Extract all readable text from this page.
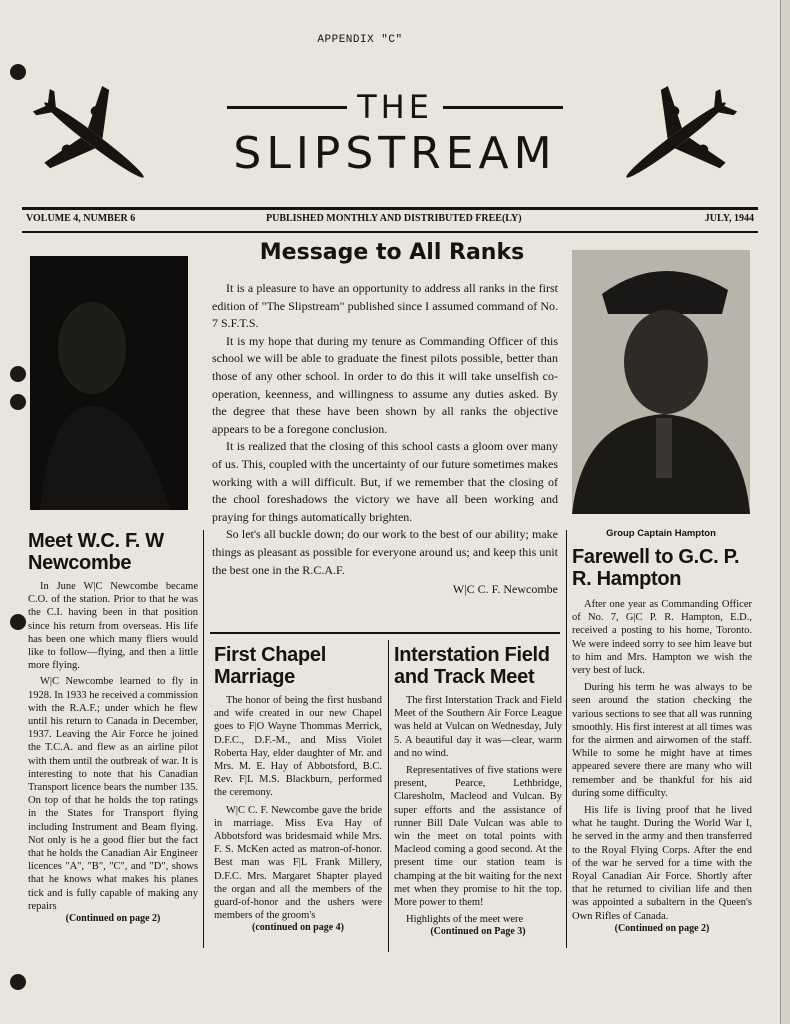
APPENDIX "C"
THE
SLIPSTREAM
VOLUME 4, NUMBER 6	PUBLISHED MONTHLY AND DISTRIBUTED FREE(LY)	JULY, 1944
Meet W.C. F. W Newcombe

In June W|C Newcombe became C.O. of the station. Prior to that he was the C.I. having been in that position since his return from overseas. His life has been one which many fliers would like to follow—flying, and then a little more flying.

W|C Newcombe learned to fly in 1928. In 1933 he received a commission with the R.A.F.; under which he flew until his return to Canada in December, 1937. Leaving the Air Force he joined the T.C.A. and flew as an airline pilot with them until the outbreak of war. It is interesting to note that his Canadian Transport licence bears the number 135. On top of that he holds the top ratings in the States for Transport flying including Instrument and Beam flying. Not only is he a good flier but the fact that he holds the Canadian Air Engineer licences "A", "B", "C", and "D", shows that he knows what makes his planes tick and is fully capable of making any repairs

(Continued on page 2)
Message to All Ranks

It is a pleasure to have an opportunity to address all ranks in the first edition of "The Slipstream" published since I assumed command of No. 7 S.F.T.S.

It is my hope that during my tenure as Commanding Officer of this school we will be able to graduate the finest pilots possible, better than those of any other school. In order to do this it will take unselfish co-operation, keenness, and willingness to assume any duties asked. By the degree that these have been shown by all ranks the objective appears to be a foregone conclusion.

It is realized that the closing of this school casts a gloom over many of us. This, coupled with the uncertainty of our future sometimes makes working with a will difficult. But, if we remember that the closing of the chool foreshadows the victory we have all been working and praying for things automatically brighten.

So let's all buckle down; do our work to the best of our ability; make things as pleasant as possible for everyone around us; and keep this unit the best one in the R.C.A.F.

W|C C. F. Newcombe
First Chapel Marriage

The honor of being the first husband and wife created in our new Chapel goes to F|O Wayne Thommas Merrick, D.F.C., D.F.-M., and Miss Violet Roberta Hay, elder daughter of Mr. and Mrs. M. E. Hay of Abbotsford, B.C. Rev. F|L M.S. Blackburn, performed the ceremony.

W|C C. F. Newcombe gave the bride in marriage. Miss Eva Hay of Abbotsford was bridesmaid while Mrs. F. S. McKen acted as matron-of-honor. Best man was F|L Frank Millery, D.F.C. Mrs. Margaret Shapter played the organ and all the members of the guard-of-honor and the ushers were members of the groom's

(continued on page 4)
Interstation Field and Track Meet

The first Interstation Track and Field Meet of the Southern Air Force League was held at Vulcan on Wednesday, July 5. A beautiful day it was—clear, warm and no wind.

Representatives of five stations were present, Pearce, Lethbridge, Claresholm, Macleod and Vulcan. By super efforts and the assistance of runner Bill Dale Vulcan was able to win the meet on total points with Macleod coming a good second. At the present time our station team is champing at the bit waiting for the next met when they promise to hit the top. More power to them!

Highlights of the meet were

(Continued on Page 3)
Group Captain Hampton
Farewell to G.C. P. R. Hampton

After one year as Commanding Officer of No. 7, G|C P. R. Hampton, E.D., received a posting to his home, Toronto. We were indeed sorry to see him leave but to him and Mrs. Hampton we wish the very best of luck.

During his term he was always to be seen around the station checking the various sections to see that all was running smoothly. His first interest at all times was for the airmen and airwomen of the staff. While to some he might have at times appeared severe there are many who will remember and be thankful for his aid during some difficulty.

His life is living proof that he lived what he taught. During the World War I, he served in the army and then transferred to the Royal Flying Corps. After the end of the war he served for a time with the Royal Canadian Air Force. Shortly after that he returned to civilian life and then was appointed a subaltern in the Queen's Own Rifles of Canada.

(Continued on page 2)
